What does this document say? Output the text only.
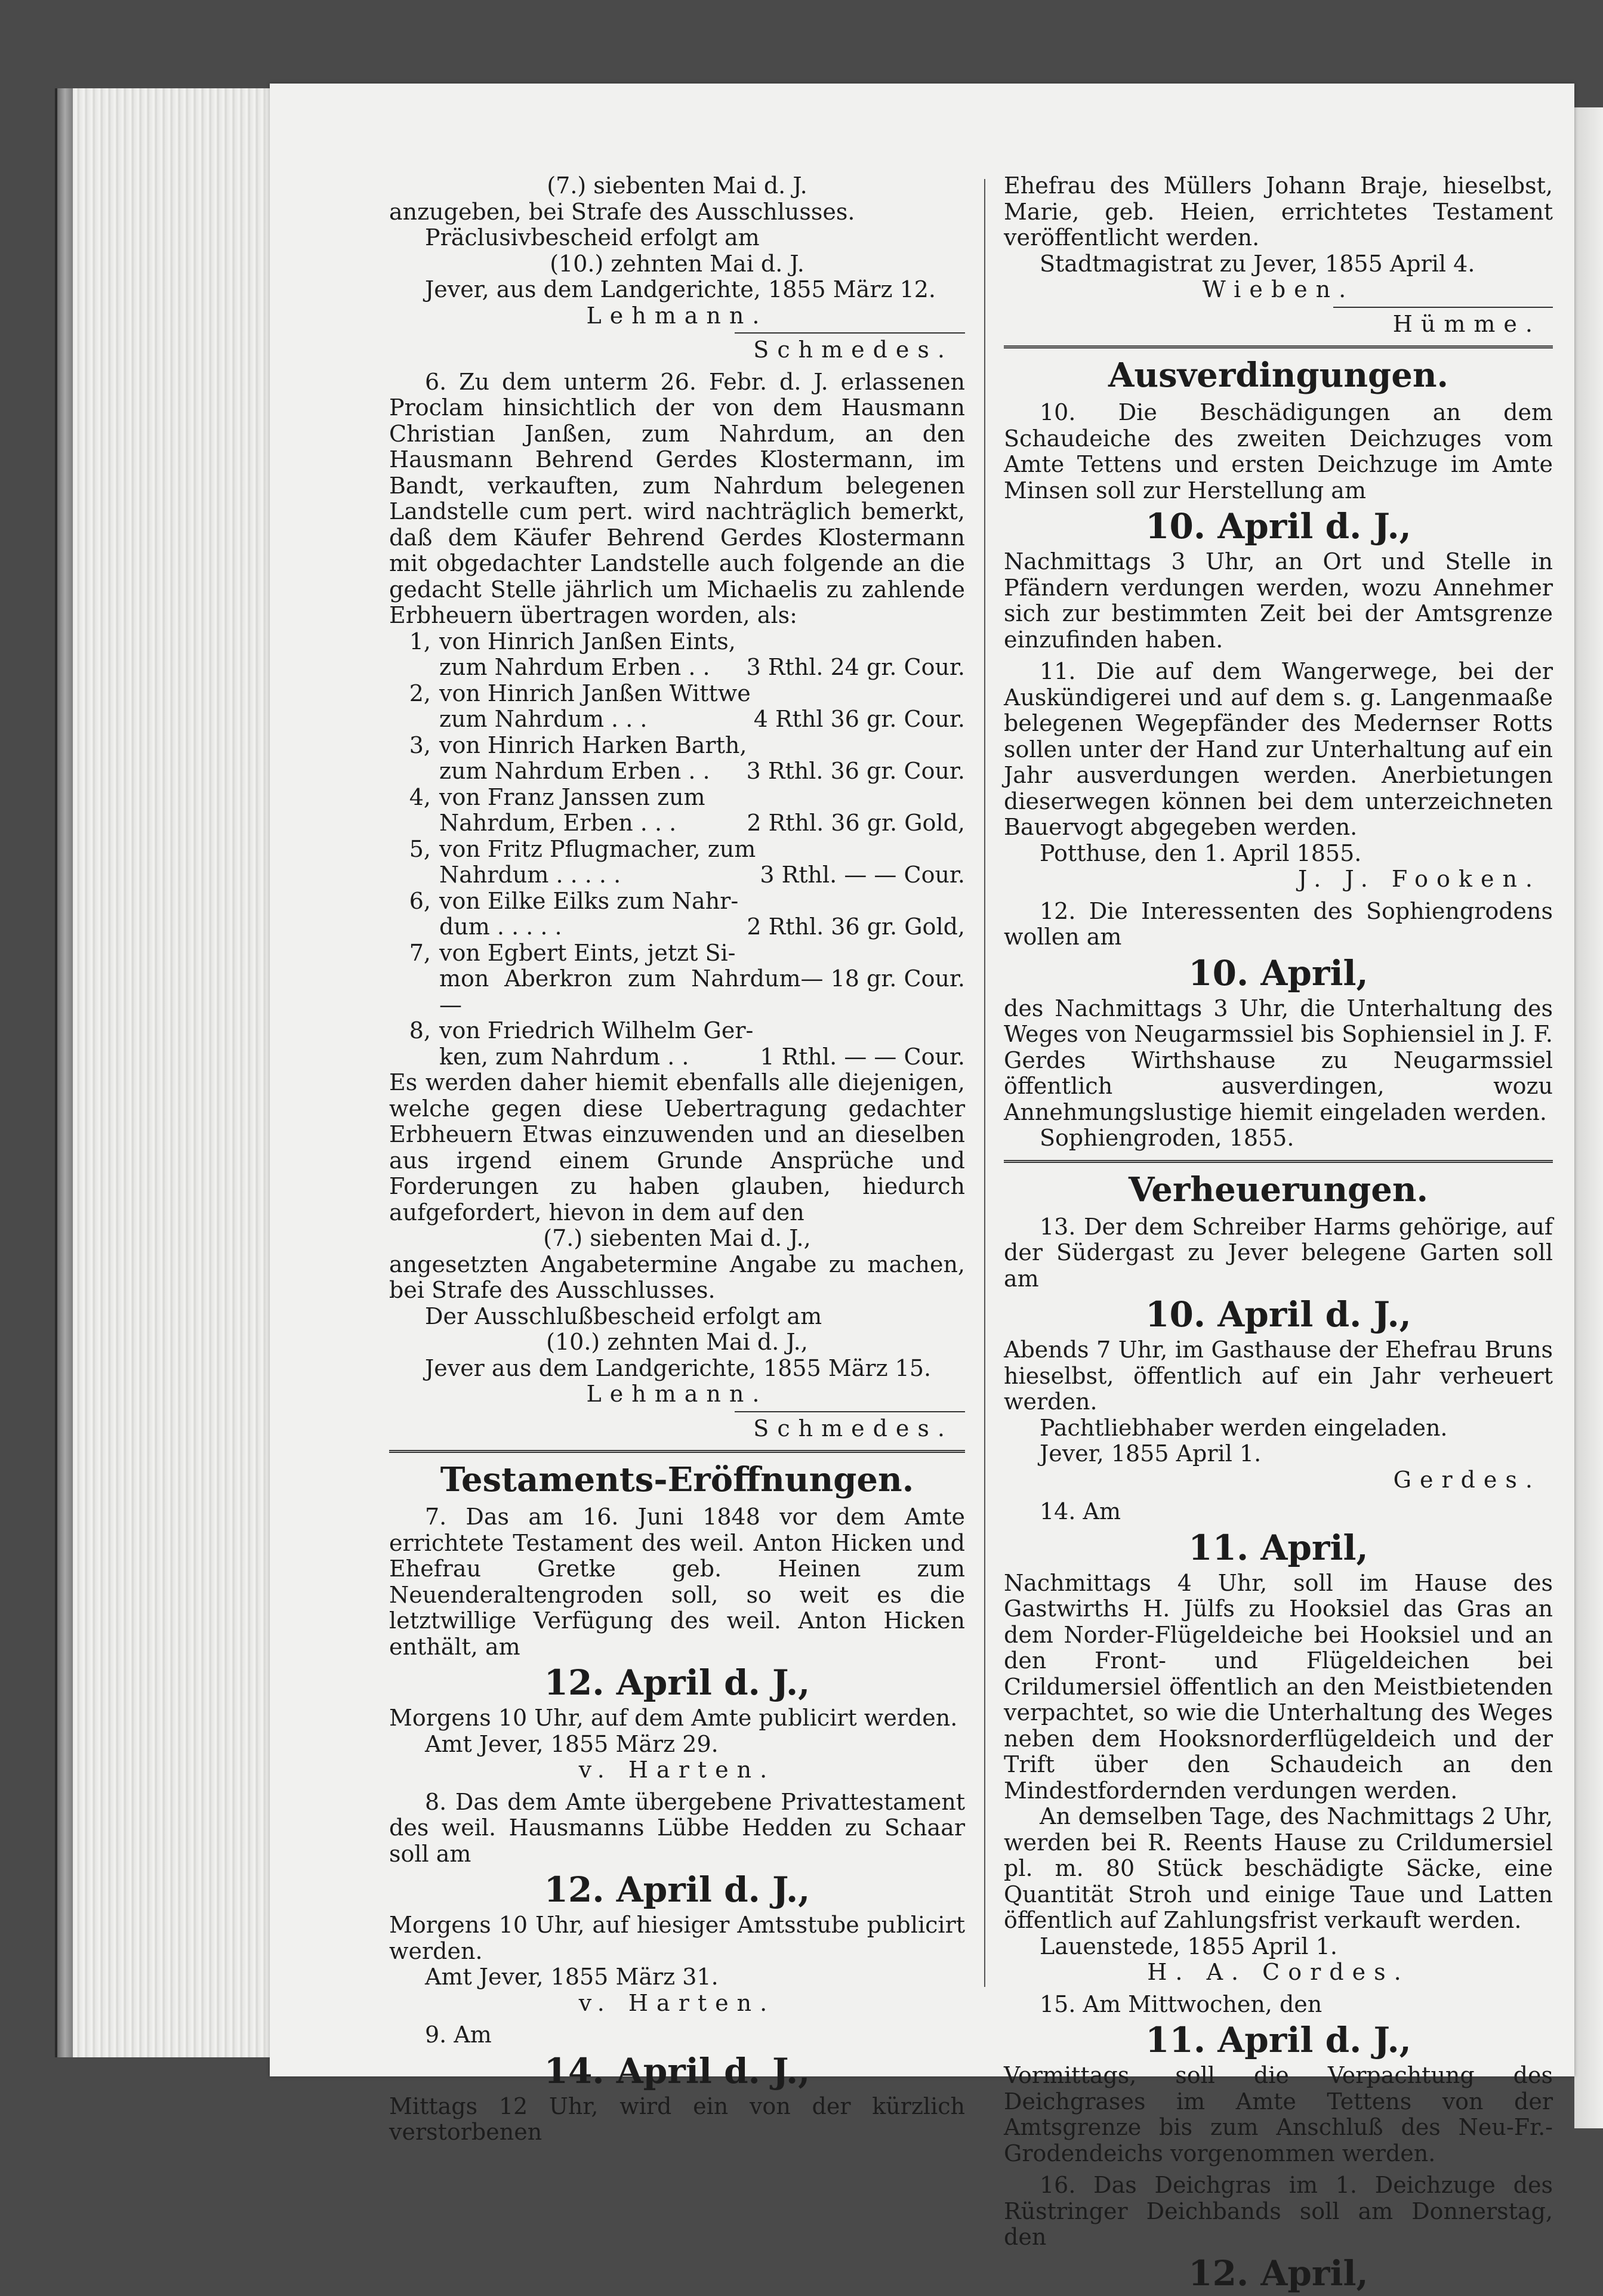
(7.) siebenten Mai d. J.

anzugeben, bei Strafe des Ausschlusses.

Präclusivbescheid erfolgt am

(10.) zehnten Mai d. J.

Jever, aus dem Landgerichte, 1855 März 12.

Lehmann.

Schmedes.

6. Zu dem unterm 26. Febr. d. J. erlassenen Proclam hinsichtlich der von dem Hausmann Christian Janßen, zum Nahrdum, an den Hausmann Behrend Gerdes Klostermann, im Bandt, verkauften, zum Nahrdum belegenen Landstelle cum pert. wird nachträglich bemerkt, daß dem Käufer Behrend Gerdes Klostermann mit obgedachter Landstelle auch folgende an die gedacht Stelle jährlich um Michaelis zu zahlende Erbheuern übertragen worden, als:

1, von Hinrich Janßen Eints,
zum Nahrdum Erben . . 3 Rthl. 24 gr. Cour.
2, von Hinrich Janßen Wittwe
zum Nahrdum . . .	4 Rthl 36 gr. Cour.
3, von Hinrich Harken Barth,
zum Nahrdum Erben . . 3 Rthl. 36 gr. Cour.
4, von Franz Janssen zum
Nahrdum, Erben . . .	2 Rthl. 36 gr. Gold,
5, von Fritz Pflugmacher, zum
Nahrdum . . . . .	3 Rthl. — — Cour.
6, von Eilke Eilks zum Nahr-
dum . . . . .	2 Rthl. 36 gr. Gold,
7, von Egbert Eints, jetzt Si-
mon Aberkron zum Nahrdum —
— 18 gr. Cour.
8, von Friedrich Wilhelm Ger-
ken, zum Nahrdum . .	1 Rthl. — — Cour.

Es werden daher hiemit ebenfalls alle diejenigen, welche gegen diese Uebertragung gedachter Erbheuern Etwas einzuwenden und an dieselben aus irgend einem Grunde Ansprüche und Forderungen zu haben glauben, hiedurch aufgefordert, hievon in dem auf den

(7.) siebenten Mai d. J.,

angesetzten Angabetermine Angabe zu machen, bei Strafe des Ausschlusses.

Der Ausschlußbescheid erfolgt am

(10.) zehnten Mai d. J.,

Jever aus dem Landgerichte, 1855 März 15.

Lehmann.

Schmedes.

Testaments-Eröffnungen.

7. Das am 16. Juni 1848 vor dem Amte errichtete Testament des weil. Anton Hicken und Ehefrau Gretke geb. Heinen zum Neuenderaltengroden soll, so weit es die letztwillige Verfügung des weil. Anton Hicken enthält, am

12. April d. J.,

Morgens 10 Uhr, auf dem Amte publicirt werden.

Amt Jever, 1855 März 29.

v. Harten.

8. Das dem Amte übergebene Privattestament des weil. Hausmanns Lübbe Hedden zu Schaar soll am

12. April d. J.,

Morgens 10 Uhr, auf hiesiger Amtsstube publicirt werden.

Amt Jever, 1855 März 31.

v. Harten.

9. Am

14. April d. J.,

Mittags 12 Uhr, wird ein von der kürzlich verstorbenen

Ehefrau des Müllers Johann Braje, hieselbst, Marie, geb. Heien, errichtetes Testament veröffentlicht werden.

Stadtmagistrat zu Jever, 1855 April 4.

Wieben.

Hümme.

Ausverdingungen.

10. Die Beschädigungen an dem Schaudeiche des zweiten Deichzuges vom Amte Tettens und ersten Deichzuge im Amte Minsen soll zur Herstellung am

10. April d. J.,

Nachmittags 3 Uhr, an Ort und Stelle in Pfändern verdungen werden, wozu Annehmer sich zur bestimmten Zeit bei der Amtsgrenze einzufinden haben.

11. Die auf dem Wangerwege, bei der Auskündigerei und auf dem s. g. Langenmaaße belegenen Wegepfänder des Medernser Rotts sollen unter der Hand zur Unterhaltung auf ein Jahr ausverdungen werden. Anerbietungen dieserwegen können bei dem unterzeichneten Bauervogt abgegeben werden.

Potthuse, den 1. April 1855.

J. J. Fooken.

12. Die Interessenten des Sophiengrodens wollen am

10. April,

des Nachmittags 3 Uhr, die Unterhaltung des Weges von Neugarmssiel bis Sophiensiel in J. F. Gerdes Wirthshause zu Neugarmssiel öffentlich ausverdingen, wozu Annehmungslustige hiemit eingeladen werden.

Sophiengroden, 1855.

Verheuerungen.

13. Der dem Schreiber Harms gehörige, auf der Südergast zu Jever belegene Garten soll am

10. April d. J.,

Abends 7 Uhr, im Gasthause der Ehefrau Bruns hieselbst, öffentlich auf ein Jahr verheuert werden.

Pachtliebhaber werden eingeladen.

Jever, 1855 April 1.

Gerdes.

14. Am

11. April,

Nachmittags 4 Uhr, soll im Hause des Gastwirths H. Jülfs zu Hooksiel das Gras an dem Norder-Flügeldeiche bei Hooksiel und an den Front- und Flügeldeichen bei Crildumersiel öffentlich an den Meistbietenden verpachtet, so wie die Unterhaltung des Weges neben dem Hooksnorderflügeldeich und der Trift über den Schaudeich an den Mindestfordernden verdungen werden.

An demselben Tage, des Nachmittags 2 Uhr, werden bei R. Reents Hause zu Crildumersiel pl. m. 80 Stück beschädigte Säcke, eine Quantität Stroh und einige Taue und Latten öffentlich auf Zahlungsfrist verkauft werden.

Lauenstede, 1855 April 1.

H. A. Cordes.

15. Am Mittwochen, den

11. April d. J.,

Vormittags, soll die Verpachtung des Deichgrases im Amte Tettens von der Amtsgrenze bis zum Anschluß des Neu-Fr.-Grodendeichs vorgenommen werden.

16. Das Deichgras im 1. Deichzuge des Rüstringer Deichbands soll am Donnerstag, den

12. April,
